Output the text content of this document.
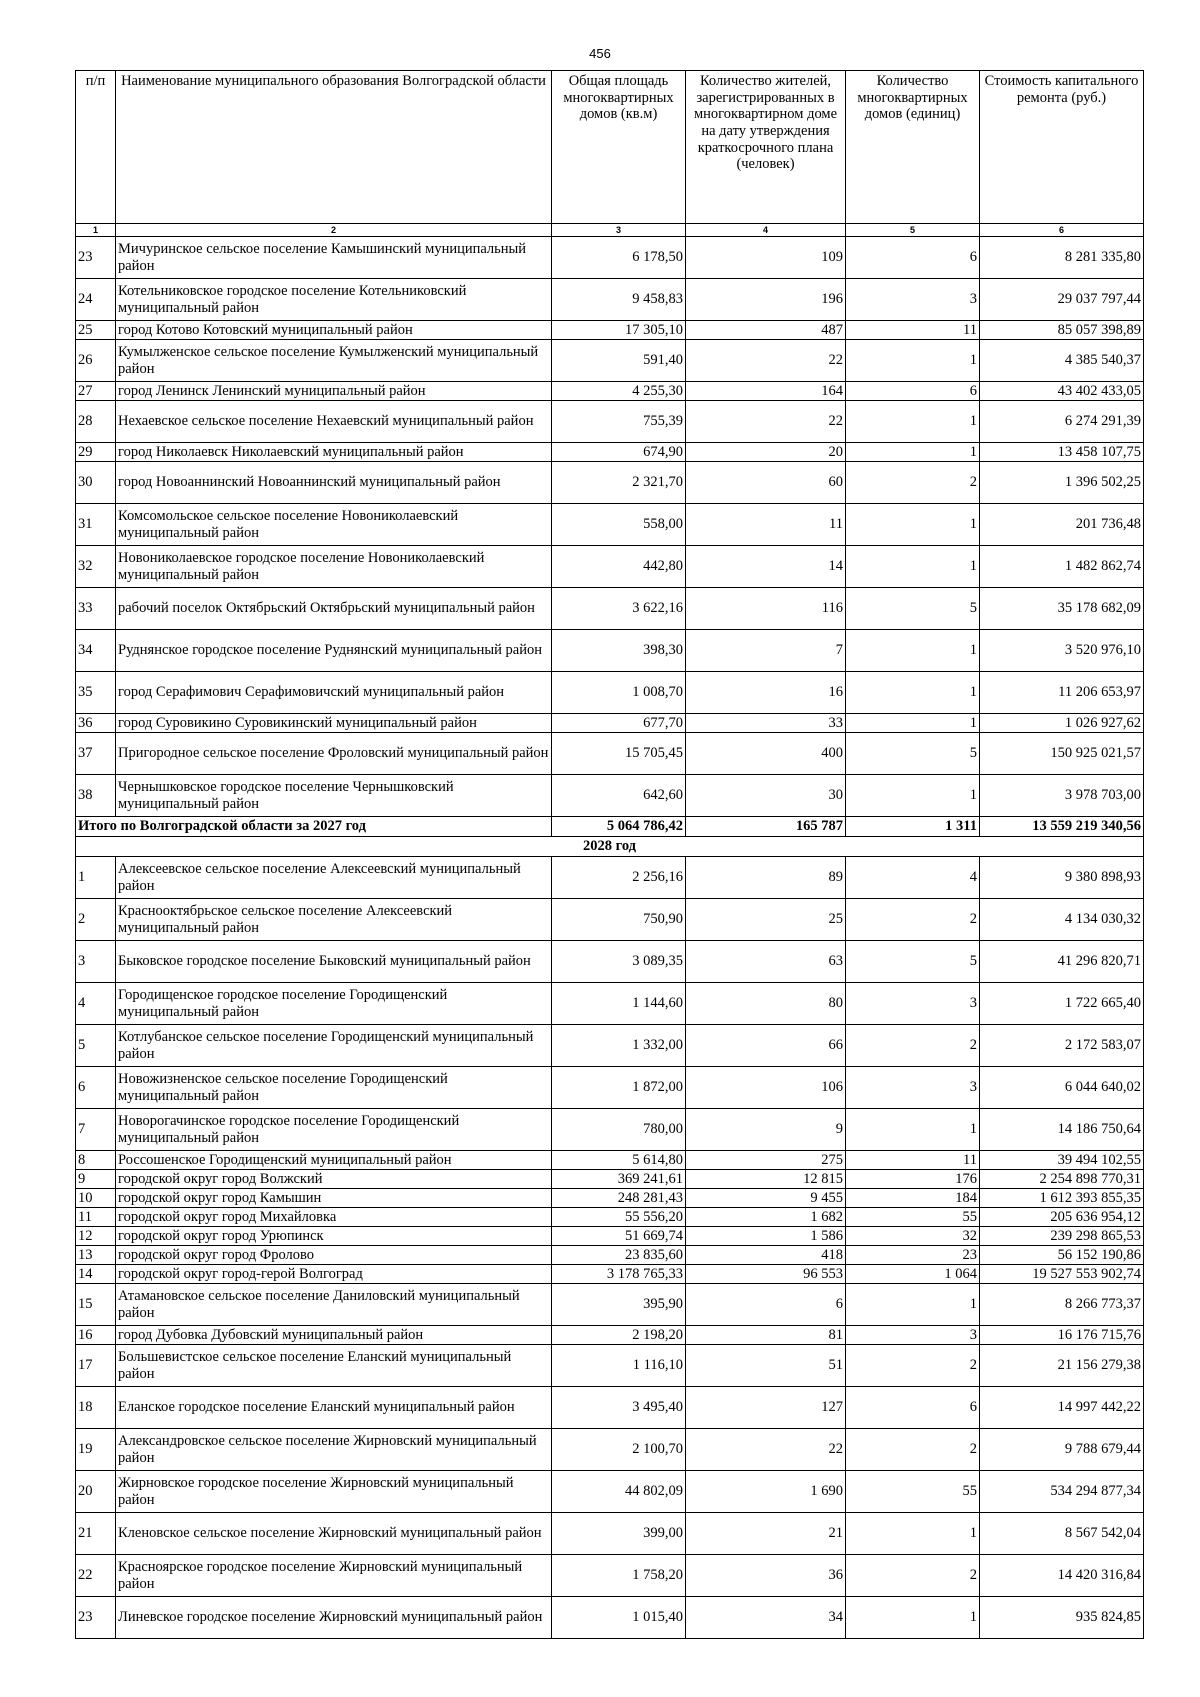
456
п/п	Наименование муниципального образования Волгоградской области	Общая площадь многоквартирных домов (кв.м)	Количество жителей, зарегистрированных в многоквартирном доме на дату утверждения краткосрочного плана (человек)	Количество многоквартирных домов (единиц)	Стоимость капитального ремонта (руб.)
1	2	3	4	5	6
23	Мичуринское сельское поселение Камышинский муниципальный район	6 178,50	109	6	8 281 335,80
24	Котельниковское городское поселение Котельниковский муниципальный район	9 458,83	196	3	29 037 797,44
25	город Котово Котовский муниципальный район	17 305,10	487	11	85 057 398,89
26	Кумылженское сельское поселение Кумылженский муниципальный район	591,40	22	1	4 385 540,37
27	город Ленинск Ленинский муниципальный район	4 255,30	164	6	43 402 433,05
28	Нехаевское сельское поселение Нехаевский муниципальный район	755,39	22	1	6 274 291,39
29	город Николаевск Николаевский муниципальный район	674,90	20	1	13 458 107,75
30	город Новоаннинский Новоаннинский муниципальный район	2 321,70	60	2	1 396 502,25
31	Комсомольское сельское поселение Новониколаевский муниципальный район	558,00	11	1	201 736,48
32	Новониколаевское городское поселение Новониколаевский муниципальный район	442,80	14	1	1 482 862,74
33	рабочий поселок Октябрьский Октябрьский муниципальный район	3 622,16	116	5	35 178 682,09
34	Руднянское городское поселение Руднянский муниципальный район	398,30	7	1	3 520 976,10
35	город Серафимович Серафимовичский муниципальный район	1 008,70	16	1	11 206 653,97
36	город Суровикино Суровикинский муниципальный район	677,70	33	1	1 026 927,62
37	Пригородное сельское поселение Фроловский муниципальный район	15 705,45	400	5	150 925 021,57
38	Чернышковское городское поселение Чернышковский муниципальный район	642,60	30	1	3 978 703,00
Итого по Волгоградской области за 2027 год		5 064 786,42	165 787	1 311	13 559 219 340,56
2028 год					
1	Алексеевское сельское поселение Алексеевский муниципальный район	2 256,16	89	4	9 380 898,93
2	Краснооктябрьское сельское поселение Алексеевский муниципальный район	750,90	25	2	4 134 030,32
3	Быковское городское поселение Быковский муниципальный район	3 089,35	63	5	41 296 820,71
4	Городищенское городское поселение Городищенский муниципальный район	1 144,60	80	3	1 722 665,40
5	Котлубанское сельское поселение Городищенский муниципальный район	1 332,00	66	2	2 172 583,07
6	Новожизненское сельское поселение Городищенский муниципальный район	1 872,00	106	3	6 044 640,02
7	Новорогачинское городское поселение Городищенский муниципальный район	780,00	9	1	14 186 750,64
8	Россошенское Городищенский муниципальный район	5 614,80	275	11	39 494 102,55
9	городской округ город Волжский	369 241,61	12 815	176	2 254 898 770,31
10	городской округ город Камышин	248 281,43	9 455	184	1 612 393 855,35
11	городской округ город Михайловка	55 556,20	1 682	55	205 636 954,12
12	городской округ город Урюпинск	51 669,74	1 586	32	239 298 865,53
13	городской округ город Фролово	23 835,60	418	23	56 152 190,86
14	городской округ город-герой Волгоград	3 178 765,33	96 553	1 064	19 527 553 902,74
15	Атамановское сельское поселение Даниловский муниципальный район	395,90	6	1	8 266 773,37
16	город Дубовка Дубовский муниципальный район	2 198,20	81	3	16 176 715,76
17	Большевистское сельское поселение Еланский муниципальный район	1 116,10	51	2	21 156 279,38
18	Еланское городское поселение Еланский муниципальный район	3 495,40	127	6	14 997 442,22
19	Александровское сельское поселение Жирновский муниципальный район	2 100,70	22	2	9 788 679,44
20	Жирновское городское поселение Жирновский муниципальный район	44 802,09	1 690	55	534 294 877,34
21	Кленовское сельское поселение Жирновский муниципальный район	399,00	21	1	8 567 542,04
22	Красноярское городское поселение Жирновский муниципальный район	1 758,20	36	2	14 420 316,84
23	Линевское городское поселение Жирновский муниципальный район	1 015,40	34	1	935 824,85
